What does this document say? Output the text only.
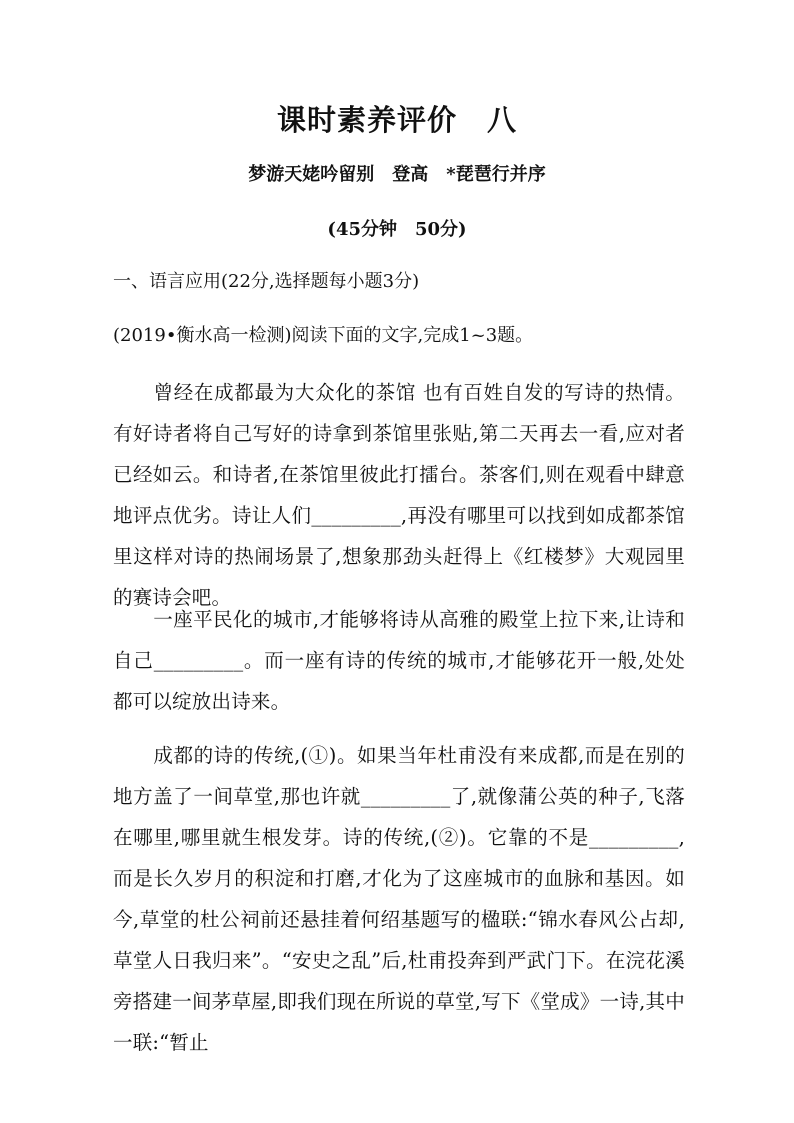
课时素养评价　八
梦游天姥吟留别　登高　*琵琶行并序
(45分钟　50分)
一、语言应用(22分,选择题每小题3分)
(2019•衡水高一检测)阅读下面的文字,完成1~3题。
曾经在成都最为大众化的茶馆 也有百姓自发的写诗的热情。有好诗者将自己写好的诗拿到茶馆里张贴,第二天再去一看,应对者已经如云。和诗者,在茶馆里彼此打擂台。茶客们,则在观看中肆意地评点优劣。诗让人们_________,再没有哪里可以找到如成都茶馆里这样对诗的热闹场景了,想象那劲头赶得上《红楼梦》大观园里的赛诗会吧。
一座平民化的城市,才能够将诗从高雅的殿堂上拉下来,让诗和自己_________。而一座有诗的传统的城市,才能够花开一般,处处都可以绽放出诗来。
成都的诗的传统,(①)。如果当年杜甫没有来成都,而是在别的地方盖了一间草堂,那也许就_________了,就像蒲公英的种子,飞落在哪里,哪里就生根发芽。诗的传统,(②)。它靠的不是_________,而是长久岁月的积淀和打磨,才化为了这座城市的血脉和基因。如今,草堂的杜公祠前还悬挂着何绍基题写的楹联:“锦水春风公占却,草堂人日我归来”。“安史之乱”后,杜甫投奔到严武门下。在浣花溪旁搭建一间茅草屋,即我们现在所说的草堂,写下《堂成》一诗,其中一联:“暂止
